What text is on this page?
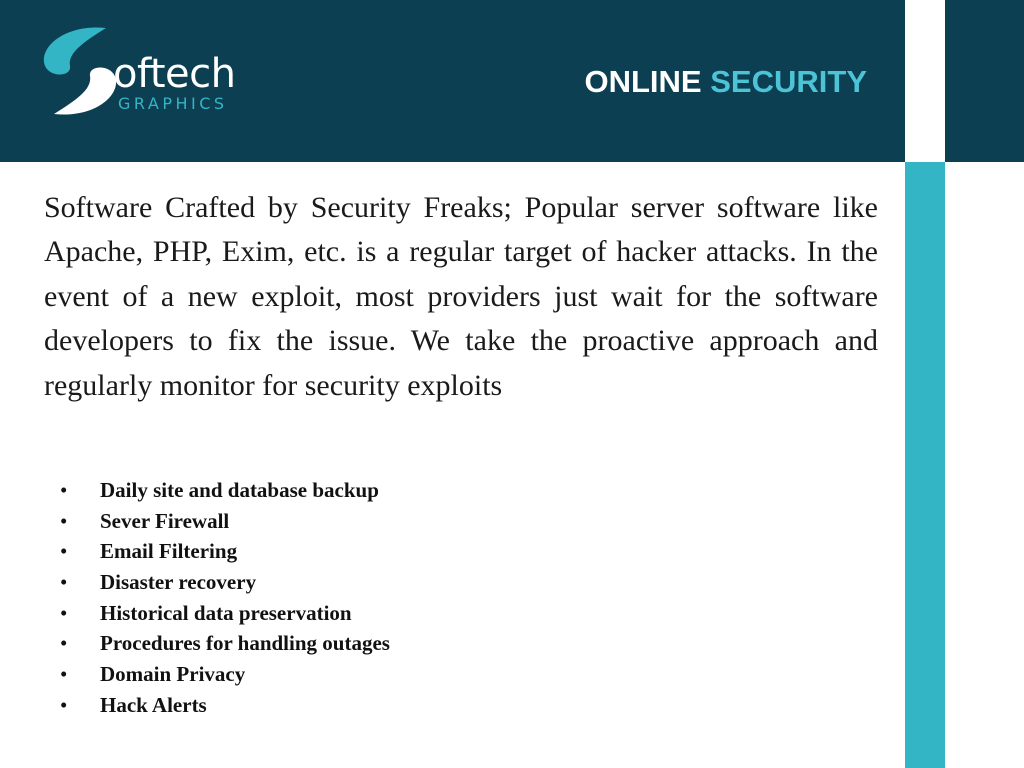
oftech
GRAPHICS
ONLINE SECURITY

Software Crafted by Security Freaks; Popular server software like Apache, PHP, Exim, etc. is a regular target of hacker attacks. In the event of a new exploit, most providers just wait for the software developers to fix the issue. We take the proactive approach and regularly monitor for security exploits

• Daily site and database backup
• Sever Firewall
• Email Filtering
• Disaster recovery
• Historical data preservation
• Procedures for handling outages
• Domain Privacy
• Hack Alerts
